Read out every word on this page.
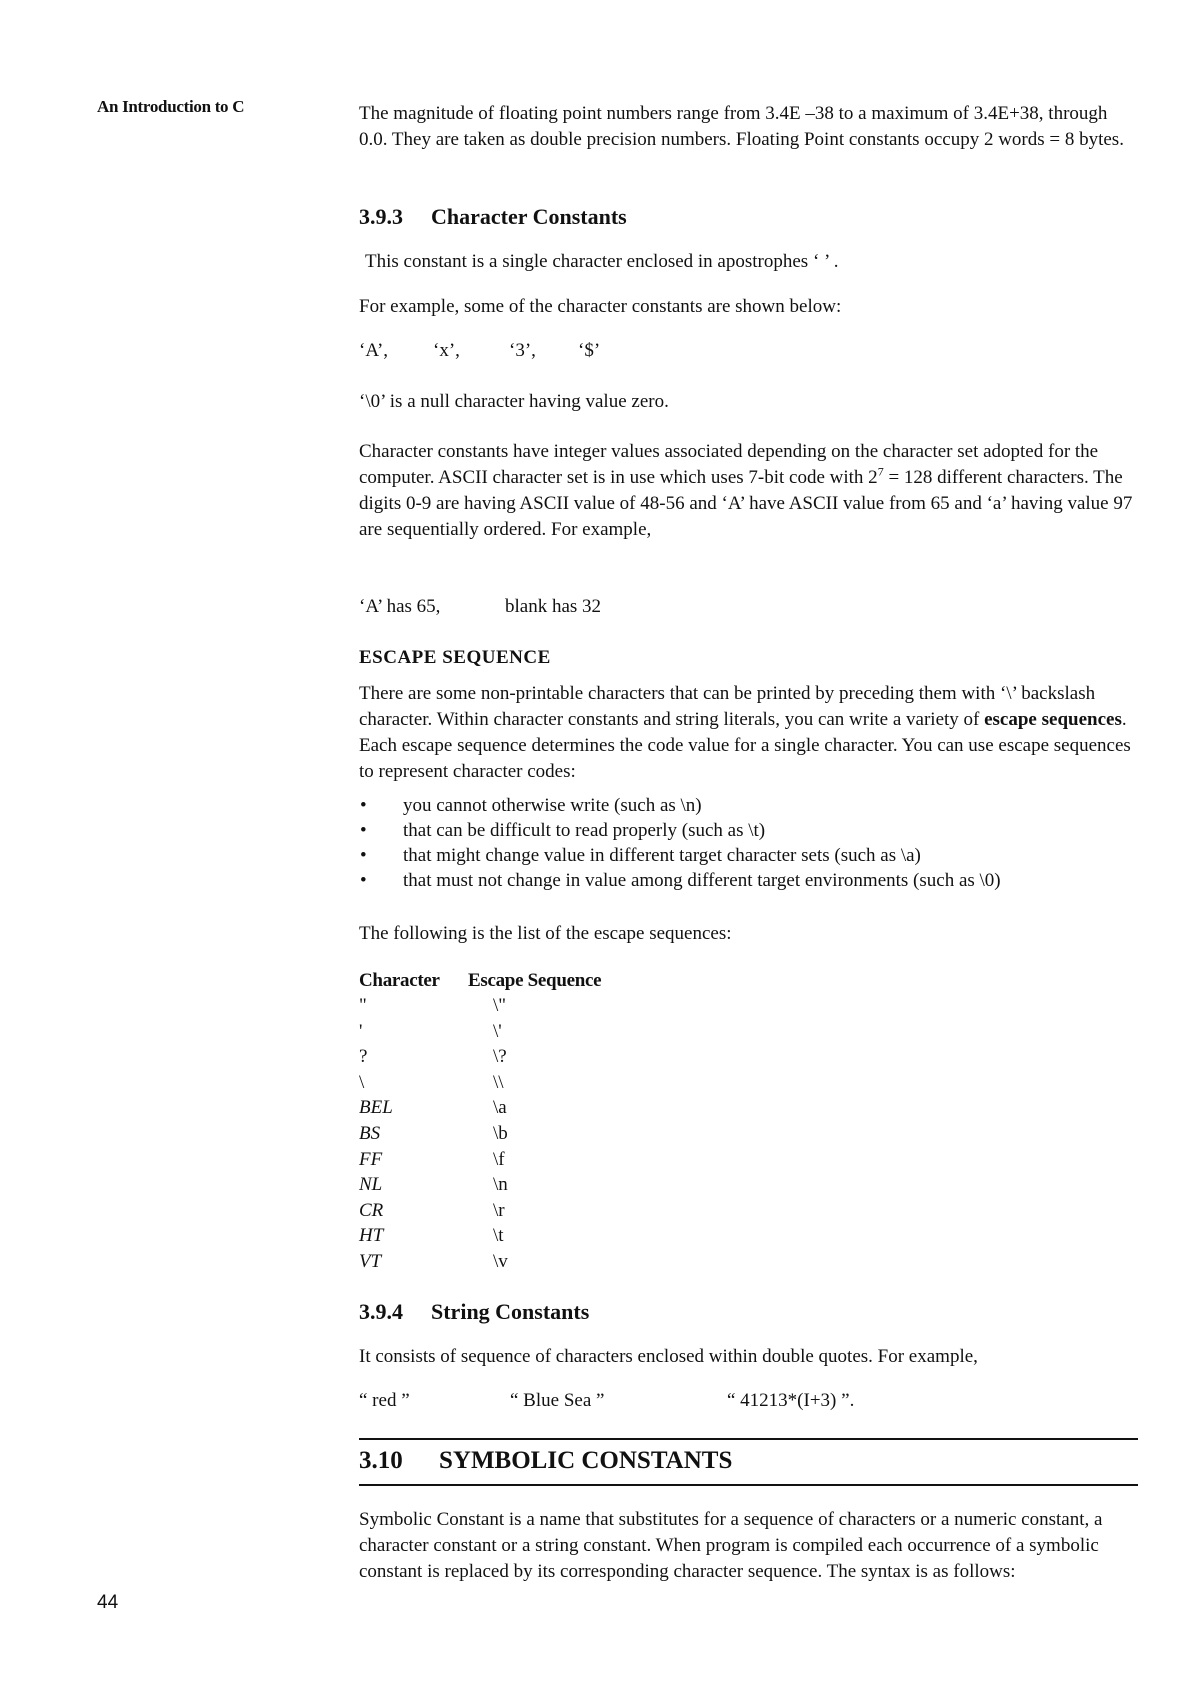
An Introduction to C
44

The magnitude of floating point numbers range from 3.4E –38 to a maximum of 3.4E+38, through 0.0. They are taken as double precision numbers. Floating Point constants occupy 2 words = 8 bytes.

3.9.3 Character Constants

This constant is a single character enclosed in apostrophes ‘ ’ .

For example, some of the character constants are shown below:

‘A’, ‘x’,	‘3’, ‘$’

‘\0’ is a null character having value zero.

Character constants have integer values associated depending on the character set adopted for the computer. ASCII character set is in use which uses 7-bit code with $2^7 = 128$ different characters. The digits 0-9 are having ASCII value of 48-56 and ‘A’ have ASCII value from 65 and ‘a’ having value 97 are sequentially ordered. For example,

‘A’ has 65,	blank has 32
ESCAPE SEQUENCE

There are some non-printable characters that can be printed by preceding them with ‘\’ backslash character. Within character constants and string literals, you can write a variety of escape sequences. Each escape sequence determines the code value for a single character. You can use escape sequences to represent character codes:

• you cannot otherwise write (such as \n)
• that can be difficult to read properly (such as \t)
• that might change value in different target character sets (such as \a)
• that must not change in value among different target environments (such as \0)

The following is the list of the escape sequences:

Character Escape Sequence
"	\"
'	\'
?	\?
\	\\
BEL	\a
BS	\b
FF	\f
NL	\n
CR	\r
HT	\t
VT	\v
3.9.4 String Constants

It consists of sequence of characters enclosed within double quotes. For example,

“ red ”	“ Blue Sea ”	“ 41213*(I+3) ”.
3.10 SYMBOLIC CONSTANTS

Symbolic Constant is a name that substitutes for a sequence of characters or a numeric constant, a character constant or a string constant. When program is compiled each occurrence of a symbolic constant is replaced by its corresponding character sequence. The syntax is as follows:
